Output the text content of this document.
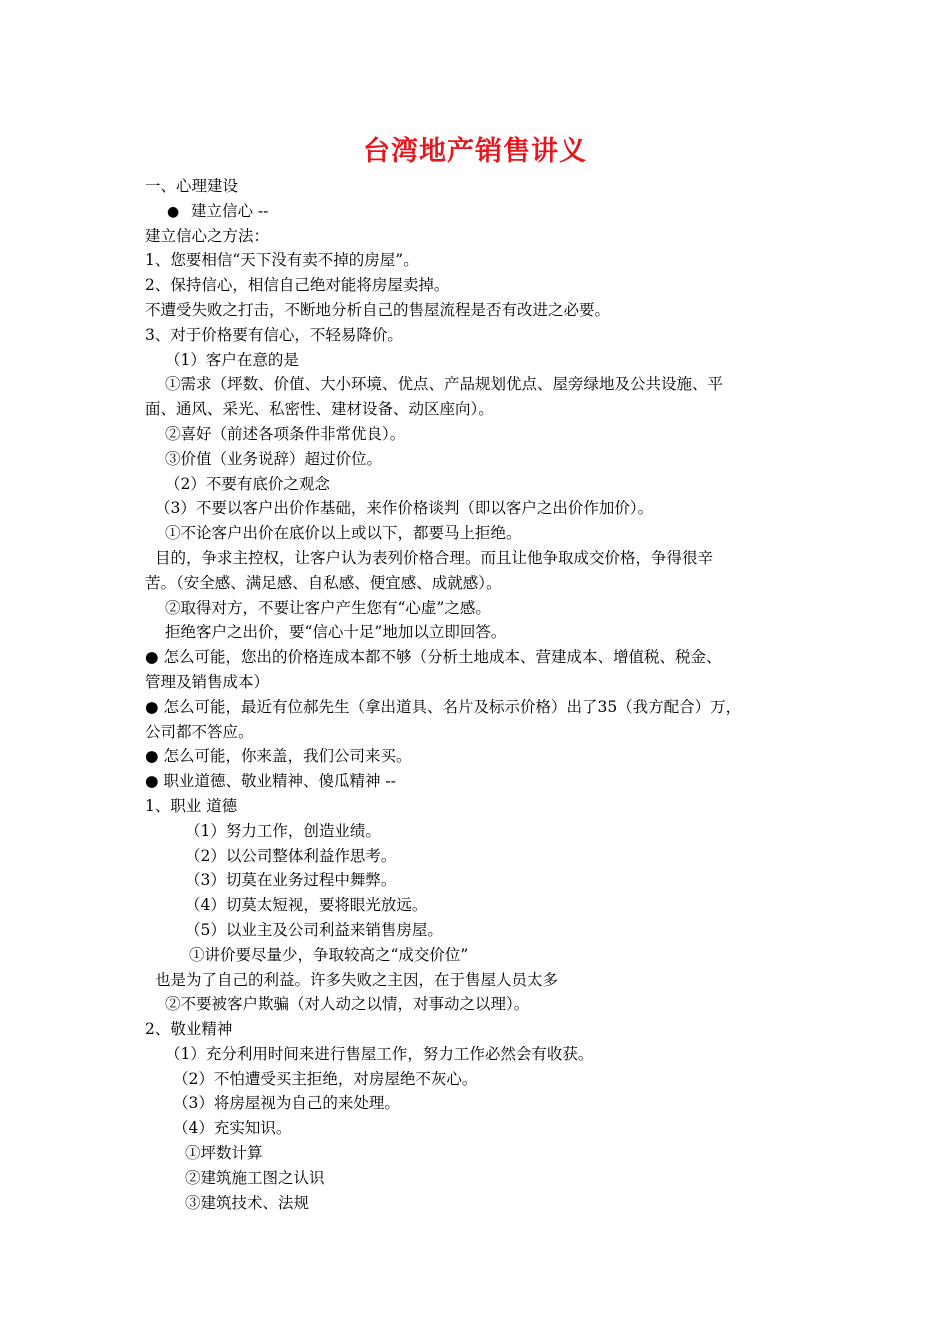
台湾地产销售讲义
一、心理建设
● 建立信心 --
建立信心之方法：
1、您要相信“天下没有卖不掉的房屋”。
2、保持信心，相信自己绝对能将房屋卖掉。
不遭受失败之打击，不断地分析自己的售屋流程是否有改进之必要。
3、对于价格要有信心，不轻易降价。
（1）客户在意的是
①需求（坪数、价值、大小环境、优点、产品规划优点、屋旁绿地及公共设施、平
面、通风、采光、私密性、建材设备、动区座向）。
②喜好（前述各项条件非常优良）。
③价值（业务说辞）超过价位。
（2）不要有底价之观念
（3）不要以客户出价作基础，来作价格谈判（即以客户之出价作加价）。
①不论客户出价在底价以上或以下，都要马上拒绝。
目的，争求主控权，让客户认为表列价格合理。而且让他争取成交价格，争得很辛
苦。（安全感、满足感、自私感、便宜感、成就感）。
②取得对方，不要让客户产生您有“心虚”之感。
拒绝客户之出价，要“信心十足”地加以立即回答。
● 怎么可能，您出的价格连成本都不够（分析土地成本、营建成本、增值税、税金、
管理及销售成本）
● 怎么可能，最近有位郝先生（拿出道具、名片及标示价格）出了35（我方配合）万，
公司都不答应。
● 怎么可能，你来盖，我们公司来买。
● 职业道德、敬业精神、傻瓜精神 --
1、职业 道德
（1）努力工作，创造业绩。
（2）以公司整体利益作思考。
（3）切莫在业务过程中舞弊。
（4）切莫太短视，要将眼光放远。
（5）以业主及公司利益来销售房屋。
①讲价要尽量少，争取较高之“成交价位”
也是为了自己的利益。许多失败之主因，在于售屋人员太多
②不要被客户欺骗（对人动之以情，对事动之以理）。
2、敬业精神
（1）充分利用时间来进行售屋工作，努力工作必然会有收获。
（2）不怕遭受买主拒绝，对房屋绝不灰心。
（3）将房屋视为自己的来处理。
（4）充实知识。
①坪数计算
②建筑施工图之认识
③建筑技术、法规
